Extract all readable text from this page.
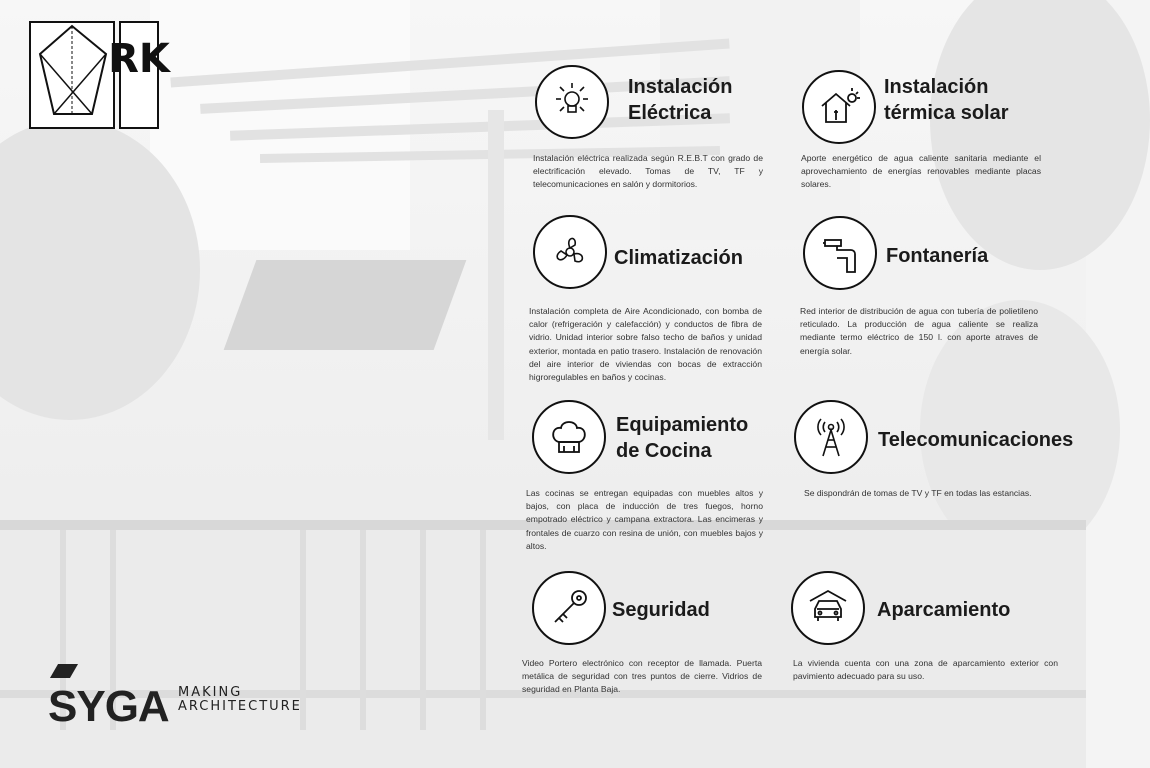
RK
Instalación
Eléctrica
Instalación eléctrica realizada según R.E.B.T con grado de electrificación elevado. Tomas de TV, TF y telecomunicaciones en salón y dormitorios.
Instalación
térmica solar
Aporte energético de agua caliente sanitaria mediante el aprovechamiento de energías renovables mediante placas solares.
Climatización
Instalación completa de Aire Acondicionado, con bomba de calor (refrigeración y calefacción) y conductos de fibra de vidrio. Unidad interior sobre falso techo de baños y unidad exterior, montada en patio trasero. Instalación de renovación del aire interior de viviendas con bocas de extracción higroregulables en baños y cocinas.
Fontanería
Red interior de distribución de agua con tubería de polietileno reticulado. La producción de agua caliente se realiza mediante termo eléctrico de 150 l. con aporte atraves de energía solar.
Equipamiento
de Cocina
Las cocinas se entregan equipadas con muebles altos y bajos, con placa de inducción de tres fuegos, horno empotrado eléctrico y campana extractora. Las encimeras y frontales de cuarzo con resina de unión, con muebles bajos y altos.
Telecomunicaciones
Se dispondrán de tomas de TV y TF en todas las estancias.
Seguridad
Video Portero electrónico con receptor de llamada. Puerta metálica de seguridad con tres puntos de cierre. Vidrios de seguridad en Planta Baja.
Aparcamiento
La vivienda cuenta con una zona de aparcamiento exterior con pavimiento adecuado para su uso.
SYGA MAKING
ARCHITECTURE
